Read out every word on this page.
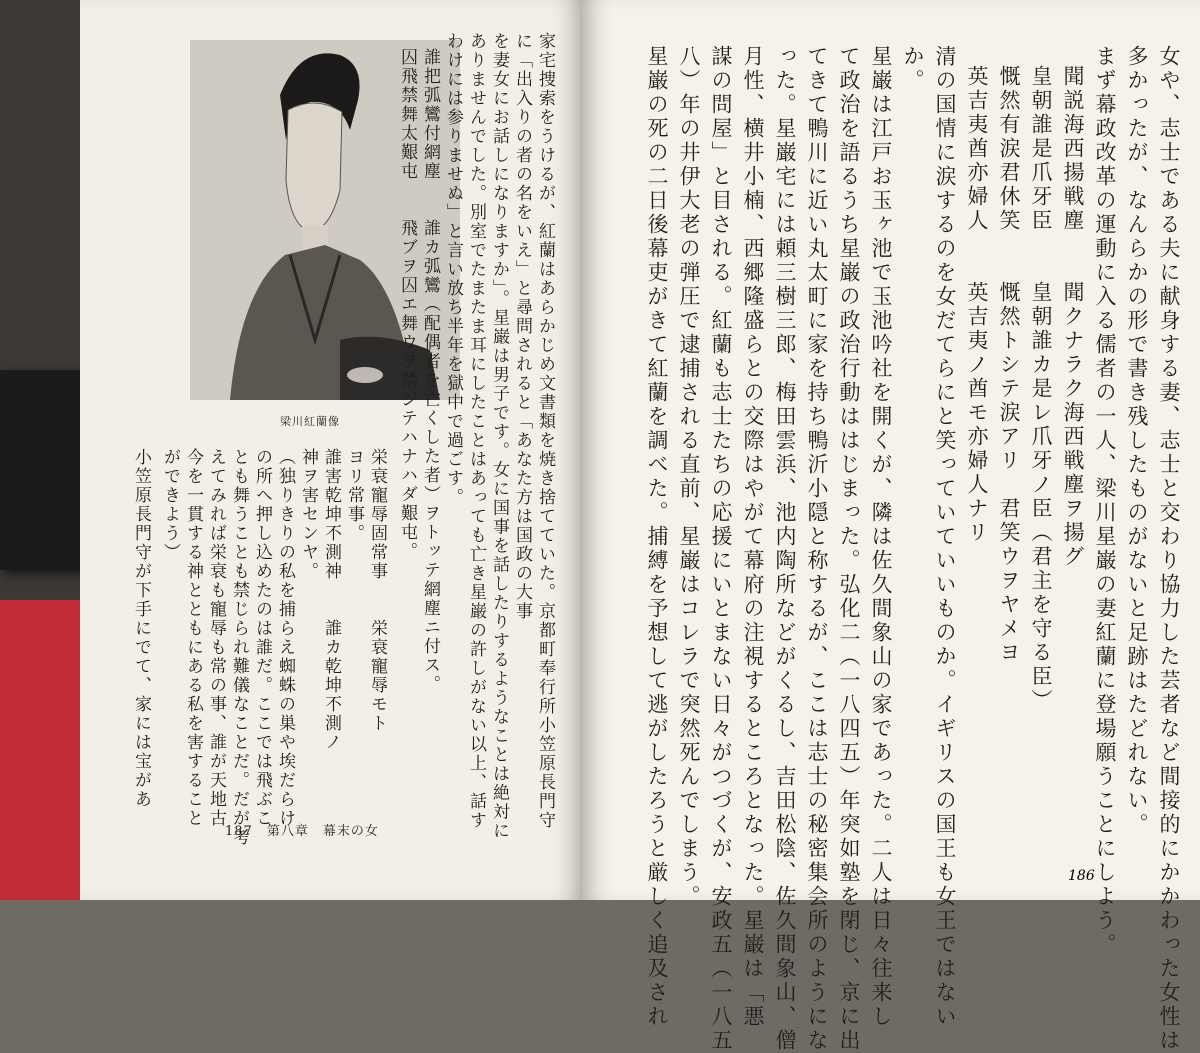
梁川紅蘭像	家宅捜索をうけるが、紅蘭はあらかじめ文書類を焼き捨てていた。京都町奉行所小笠原長門守
に「出入りの者の名をいえ」と尋問されると「あなた方は国政の大事
を妻女にお話しになりますか」。星巌は男子です。女に国事を話したりするようなことは絶対に
ありませんでした。別室でたまたま耳にしたことはあっても亡き星巌の許しがない以上、話す
わけには参りませぬ」と言い放ち半年を獄中で過ごす。
誰把弧鸞付網塵　　誰カ弧鸞（配偶者を亡くした者）ヲトッテ網塵ニ付ス。
囚飛禁舞太艱屯　　飛ブヲ囚エ舞ウヲ禁ジテハナハダ艱屯。
栄衰寵辱固常事　　栄衰寵辱モト
ヨリ常事。
誰害乾坤不測神　　誰カ乾坤不測ノ
神ヲ害センヤ。
（独りきりの私を捕らえ蜘蛛の巣や埃だらけ
の所へ押し込めたのは誰だ。ここでは飛ぶこ
とも舞うことも禁じられ難儀なことだ。だが考
えてみれば栄衰も寵辱も常の事、誰が天地古
今を一貫する神とともにある私を害すること
ができよう）
小笠原長門守が下手にでて、家には宝があ
187　第八章　幕末の女	女や、志士である夫に献身する妻、志士と交わり協力した芸者など間接的にかかわった女性は
多かったが、なんらかの形で書き残したものがないと足跡はたどれない。
まず幕政改革の運動に入る儒者の一人、梁川星巌の妻紅蘭に登場願うことにしよう。
聞説海西揚戦塵　　聞クナラク海西戦塵ヲ揚グ
皇朝誰是爪牙臣　　皇朝誰カ是レ爪牙ノ臣（君主を守る臣）
慨然有涙君休笑　　慨然トシテ涙アリ　君笑ウヲヤメヨ
英吉夷酋亦婦人　　英吉夷ノ酋モ亦婦人ナリ
清の国情に涙するのを女だてらにと笑っていていいものか。イギリスの国王も女王ではない
か。
星巌は江戸お玉ヶ池で玉池吟社を開くが、隣は佐久間象山の家であった。二人は日々往来し
て政治を語るうち星巌の政治行動ははじまった。弘化二（一八四五）年突如塾を閉じ、京に出
てきて鴨川に近い丸太町に家を持ち鴨沂小隠と称するが、ここは志士の秘密集会所のようにな
った。星巌宅には頼三樹三郎、梅田雲浜、池内陶所などがくるし、吉田松陰、佐久間象山、僧
月性、横井小楠、西郷隆盛らとの交際はやがて幕府の注視するところとなった。星巌は「悪
謀の問屋」と目される。紅蘭も志士たちの応援にいとまない日々がつづくが、安政五（一八五
八）年の井伊大老の弾圧で逮捕される直前、星巌はコレラで突然死んでしまう。
星巌の死の二日後幕吏がきて紅蘭を調べた。捕縛を予想して逃がしたろうと厳しく追及され	186
